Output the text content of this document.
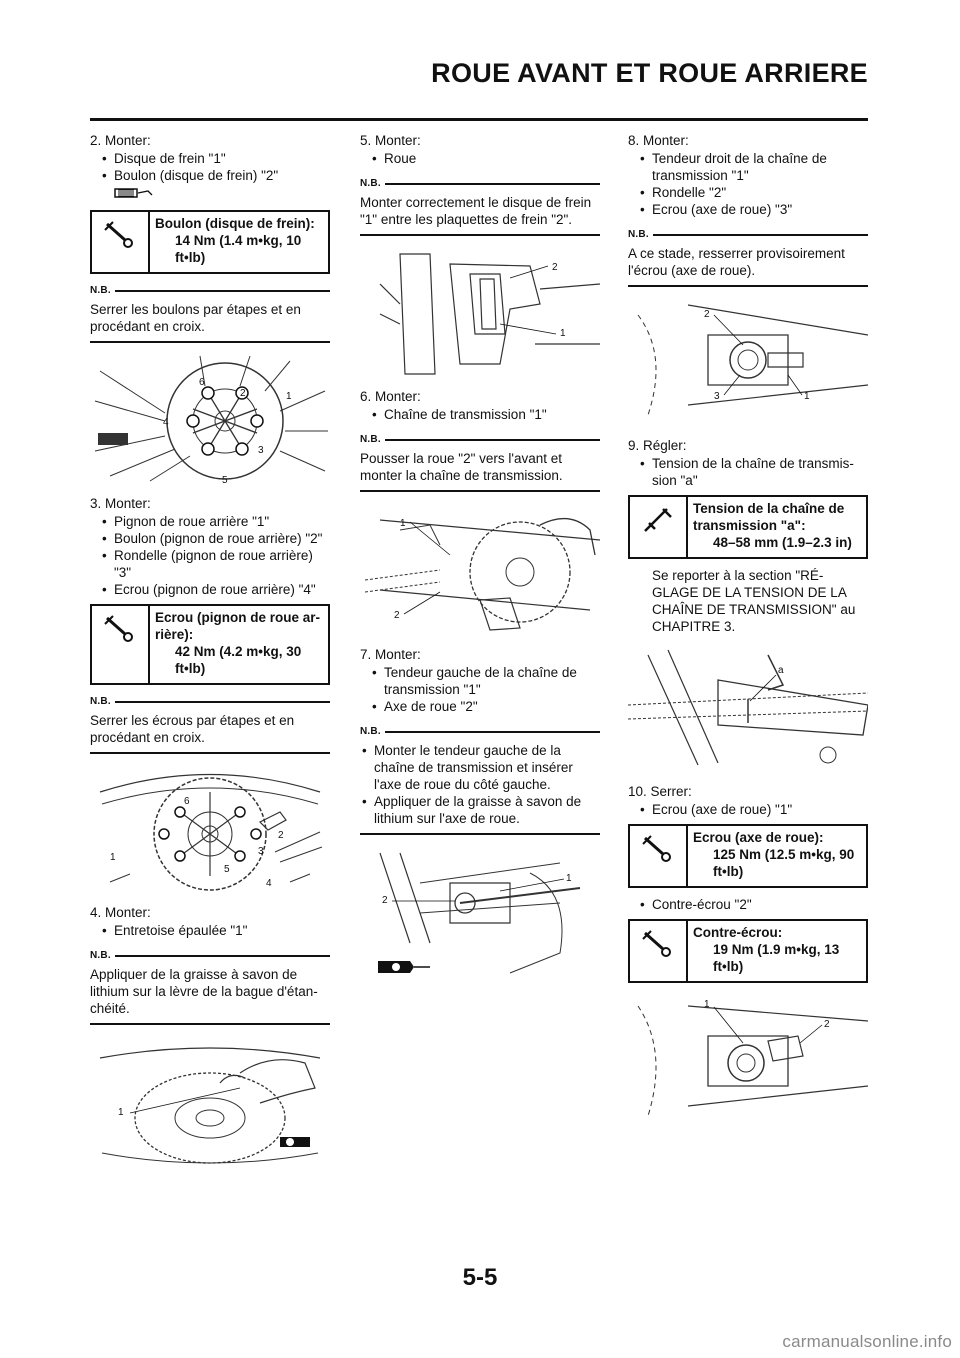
ROUE AVANT ET ROUE ARRIERE

2. Monter:

• Disque de frein "1"

• Boulon (disque de frein) "2"

Boulon (disque de frein):
14 Nm (1.4 m•kg, 10 ft•lb)
N.B.

Serrer les boulons par étapes et en procédant en croix.

1
2
3
4
5
6

3. Monter:

• Pignon de roue arrière "1"

• Boulon (pignon de roue arrière) "2"

• Rondelle (pignon de roue arrière) "3"

• Ecrou (pignon de roue arrière) "4"

Ecrou (pignon de roue ar-rière):
42 Nm (4.2 m•kg, 30 ft•lb)
N.B.

Serrer les écrous par étapes et en procédant en croix.

1
2
3
4
5
6

4. Monter:

• Entretoise épaulée "1"

N.B.

Appliquer de la graisse à savon de lithium sur la lèvre de la bague d'étan-chéité.

1

5. Monter:

• Roue

N.B.

Monter correctement le disque de frein "1" entre les plaquettes de frein "2".

2
1

6. Monter:

• Chaîne de transmission "1"

N.B.

Pousser la roue "2" vers l'avant et monter la chaîne de transmission.

1
2

7. Monter:

• Tendeur gauche de la chaîne de transmission "1"

• Axe de roue "2"

N.B.

• Monter le tendeur gauche de la chaîne de transmission et insérer l'axe de roue du côté gauche.

• Appliquer de la graisse à savon de lithium sur l'axe de roue.

2
1

8. Monter:

• Tendeur droit de la chaîne de transmission "1"

• Rondelle "2"

• Ecrou (axe de roue) "3"

N.B.

A ce stade, resserrer provisoirement l'écrou (axe de roue).

2
3	1

9. Régler:

• Tension de la chaîne de transmis-sion "a"

Tension de la chaîne de transmission "a":
48–58 mm (1.9–2.3 in)

Se reporter à la section "RÉ-GLAGE DE LA TENSION DE LA CHAÎNE DE TRANSMISSION" au CHAPITRE 3.

a

10. Serrer:

• Ecrou (axe de roue) "1"

Ecrou (axe de roue):
125 Nm (12.5 m•kg, 90 ft•lb)

• Contre-écrou "2"

Contre-écrou:
19 Nm (1.9 m•kg, 13 ft•lb)
1
2
5-5
carmanualsonline.info
